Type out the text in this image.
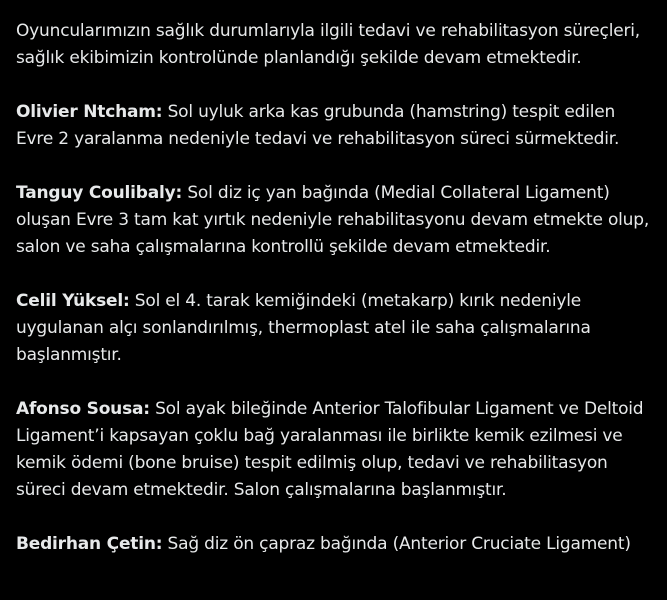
Oyuncularımızın sağlık durumlarıyla ilgili tedavi ve rehabilitasyon süreçleri, sağlık ekibimizin kontrolünde planlandığı şekilde devam etmektedir.

Olivier Ntcham: Sol uyluk arka kas grubunda (hamstring) tespit edilen Evre 2 yaralanma nedeniyle tedavi ve rehabilitasyon süreci sürmektedir.

Tanguy Coulibaly: Sol diz iç yan bağında (Medial Collateral Ligament) oluşan Evre 3 tam kat yırtık nedeniyle rehabilitasyonu devam etmekte olup, salon ve saha çalışmalarına kontrollü şekilde devam etmektedir.

Celil Yüksel: Sol el 4. tarak kemiğindeki (metakarp) kırık nedeniyle uygulanan alçı sonlandırılmış, thermoplast atel ile saha çalışmalarına başlanmıştır.

Afonso Sousa: Sol ayak bileğinde Anterior Talofibular Ligament ve Deltoid Ligament’i kapsayan çoklu bağ yaralanması ile birlikte kemik ezilmesi ve kemik ödemi (bone bruise) tespit edilmiş olup, tedavi ve rehabilitasyon süreci devam etmektedir. Salon çalışmalarına başlanmıştır.

Bedirhan Çetin: Sağ diz ön çapraz bağında (Anterior Cruciate Ligament)
